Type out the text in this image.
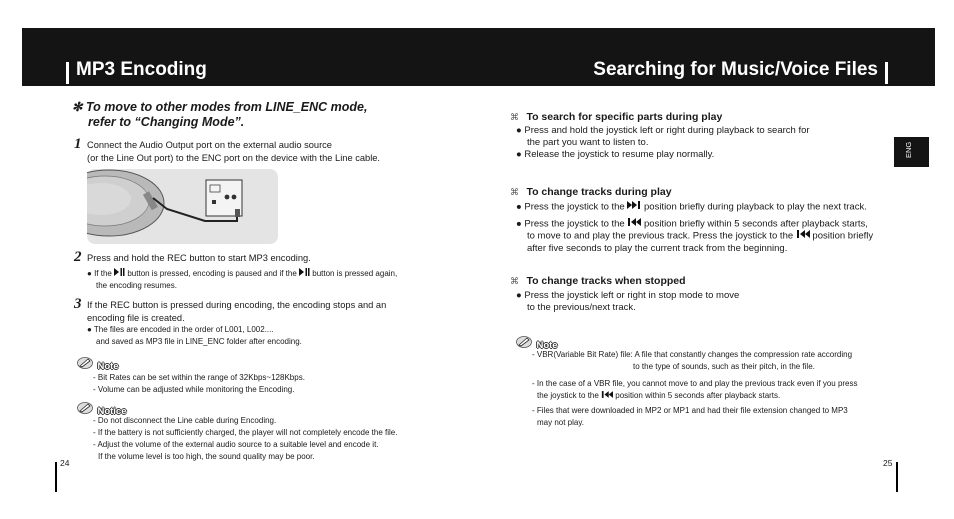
MP3 Encoding	Searching for Music/Voice Files
✻ To move to other modes from LINE_ENC mode,
refer to “Changing Mode”.
1 Connect the Audio Output port on the external audio source
(or the Line Out port) to the ENC port on the device with the Line cable.
2 Press and hold the REC button to start MP3 encoding.
● If the button is pressed, encoding is paused and if the button is pressed again,
the encoding resumes.
3 If the REC button is pressed during encoding, the encoding stops and an
encoding file is created.
● The files are encoded in the order of L001, L002....
and saved as MP3 file in LINE_ENC folder after encoding.
Note
- Bit Rates can be set within the range of 32Kbps~128Kbps.
- Volume can be adjusted while monitoring the Encoding.
Notice
- Do not disconnect the Line cable during Encoding.
- If the battery is not sufficiently charged, the player will not completely encode the file.
- Adjust the volume of the external audio source to a suitable level and encode it.
If the volume level is too high, the sound quality may be poor.
24
⌘ To search for specific parts during play
● Press and hold the joystick left or right during playback to search for
the part you want to listen to.
● Release the joystick to resume play normally.
⌘ To change tracks during play
● Press the joystick to the position briefly during playback to play the next track.
● Press the joystick to the position briefly within 5 seconds after playback starts,
to move to and play the previous track. Press the joystick to the position briefly
after five seconds to play the current track from the beginning.
⌘ To change tracks when stopped
● Press the joystick left or right in stop mode to move
to the previous/next track.
Note
- VBR(Variable Bit Rate) file: A file that constantly changes the compression rate according
to the type of sounds, such as their pitch, in the file.
- In the case of a VBR file, you cannot move to and play the previous track even if you press
the joystick to the position within 5 seconds after playback starts.
- Files that were downloaded in MP2 or MP1 and had their file extension changed to MP3
may not play.
ENG
25
